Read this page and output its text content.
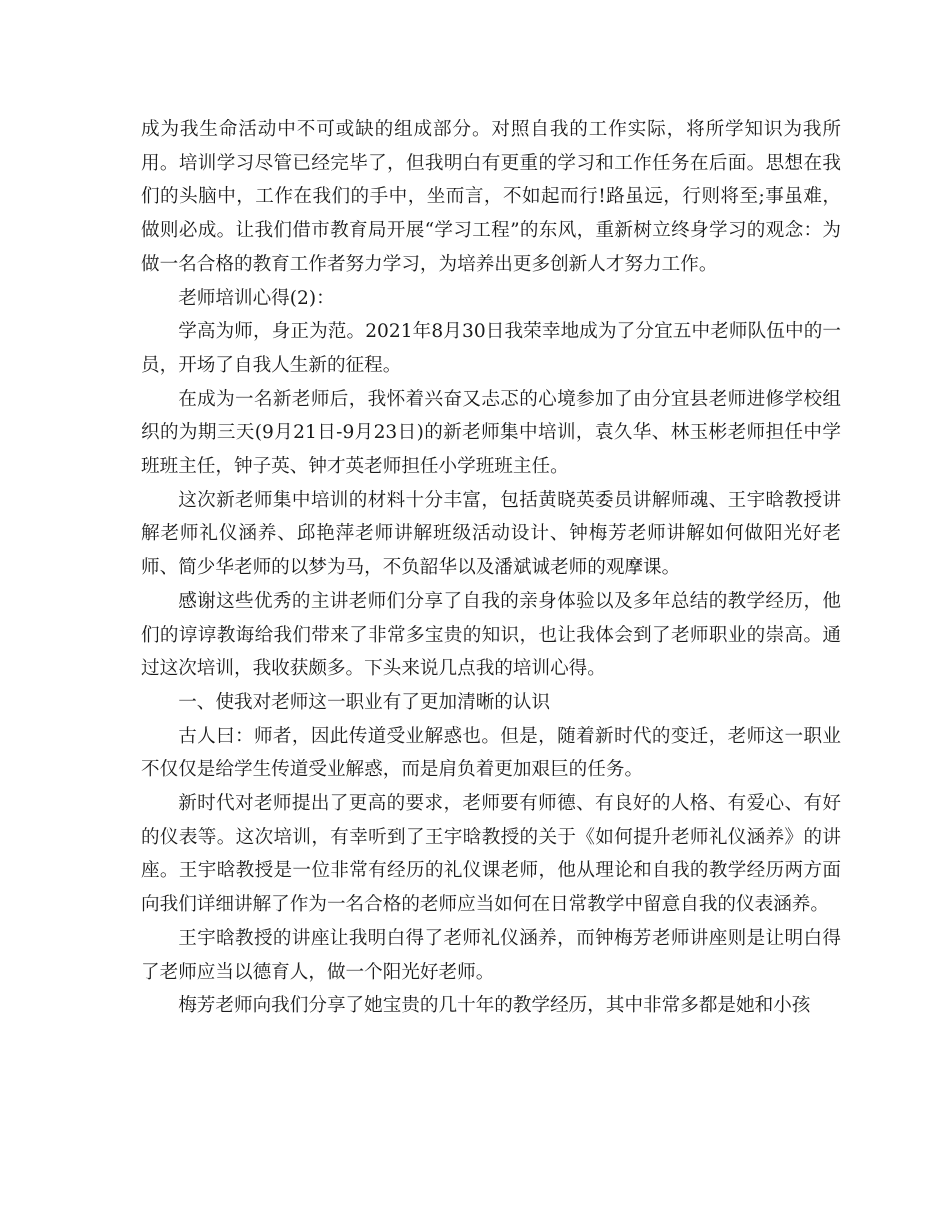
成为我生命活动中不可或缺的组成部分。对照自我的工作实际，将所学知识为我所用。培训学习尽管已经完毕了，但我明白有更重的学习和工作任务在后面。思想在我们的头脑中，工作在我们的手中，坐而言，不如起而行!路虽远，行则将至;事虽难，做则必成。让我们借市教育局开展“学习工程”的东风，重新树立终身学习的观念：为做一名合格的教育工作者努力学习，为培养出更多创新人才努力工作。

老师培训心得(2)：

学高为师，身正为范。2021年8月30日我荣幸地成为了分宜五中老师队伍中的一员，开场了自我人生新的征程。

在成为一名新老师后，我怀着兴奋又忐忑的心境参加了由分宜县老师进修学校组织的为期三天(9月21日-9月23日)的新老师集中培训，袁久华、林玉彬老师担任中学班班主任，钟子英、钟才英老师担任小学班班主任。

这次新老师集中培训的材料十分丰富，包括黄晓英委员讲解师魂、王宇晗教授讲解老师礼仪涵养、邱艳萍老师讲解班级活动设计、钟梅芳老师讲解如何做阳光好老师、简少华老师的以梦为马，不负韶华以及潘斌诚老师的观摩课。

感谢这些优秀的主讲老师们分享了自我的亲身体验以及多年总结的教学经历，他们的谆谆教诲给我们带来了非常多宝贵的知识，也让我体会到了老师职业的崇高。通过这次培训，我收获颇多。下头来说几点我的培训心得。

一、使我对老师这一职业有了更加清晰的认识

古人曰：师者，因此传道受业解惑也。但是，随着新时代的变迁，老师这一职业不仅仅是给学生传道受业解惑，而是肩负着更加艰巨的任务。

新时代对老师提出了更高的要求，老师要有师德、有良好的人格、有爱心、有好的仪表等。这次培训，有幸听到了王宇晗教授的关于《如何提升老师礼仪涵养》的讲座。王宇晗教授是一位非常有经历的礼仪课老师，他从理论和自我的教学经历两方面向我们详细讲解了作为一名合格的老师应当如何在日常教学中留意自我的仪表涵养。

王宇晗教授的讲座让我明白得了老师礼仪涵养，而钟梅芳老师讲座则是让明白得了老师应当以德育人，做一个阳光好老师。

梅芳老师向我们分享了她宝贵的几十年的教学经历，其中非常多都是她和小孩
